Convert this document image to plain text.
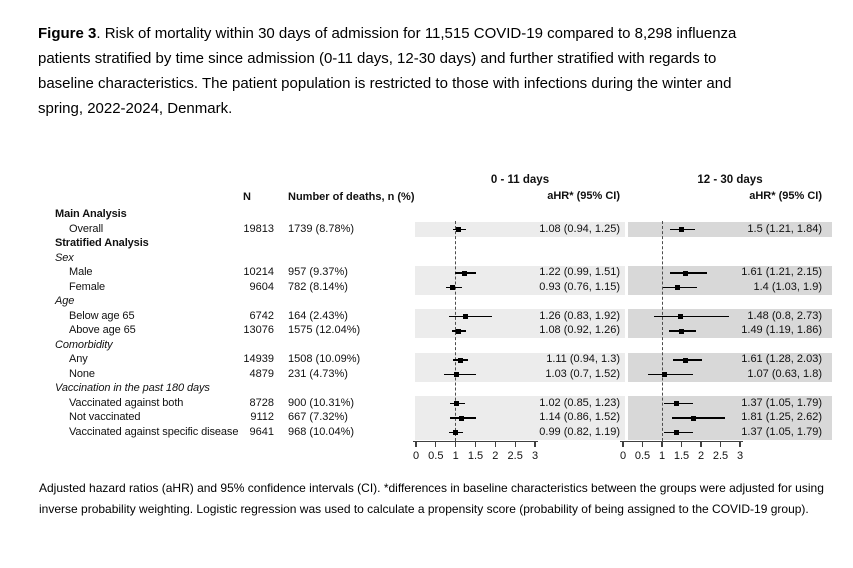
Figure 3. Risk of mortality within 30 days of admission for 11,515 COVID-19 compared to 8,298 influenza
patients stratified by time since admission (0-11 days, 12-30 days) and further stratified with regards to
baseline characteristics. The patient population is restricted to those with infections during the winter and
spring, 2022-2024, Denmark.
0 - 11 days	12 - 30 days
aHR* (95% CI)	aHR* (95% CI)
N	Number of deaths, n (%)
Main Analysis
Overall	19813 1739 (8.78%)	1.08 (0.94, 1.25)	1.5 (1.21, 1.84)
Stratified Analysis
Sex
Male	10214 957 (9.37%)	1.22 (0.99, 1.51)	1.61 (1.21, 2.15)
Female	9604 782 (8.14%)	0.93 (0.76, 1.15)	1.4 (1.03, 1.9)
Age
Below age 65	6742 164 (2.43%)	1.26 (0.83, 1.92)	1.48 (0.8, 2.73)
Above age 65	13076 1575 (12.04%)	1.08 (0.92, 1.26)	1.49 (1.19, 1.86)
Comorbidity
Any	14939 1508 (10.09%)	1.11 (0.94, 1.3)	1.61 (1.28, 2.03)
None	4879 231 (4.73%)	1.03 (0.7, 1.52)	1.07 (0.63, 1.8)
Vaccination in the past 180 days
Vaccinated against both	8728 900 (10.31%)	1.02 (0.85, 1.23)	1.37 (1.05, 1.79)
Not vaccinated	9112 667 (7.32%)	1.14 (0.86, 1.52)	1.81 (1.25, 2.62)
Vaccinated against specific disease	9641 968 (10.04%)	0.99 (0.82, 1.19)	1.37 (1.05, 1.79)
0 0.5 1 1.5 2 2.5 3	0 0.5 1 1.5 2 2.5 3
Adjusted hazard ratios (aHR) and 95% confidence intervals (CI). *differences in baseline characteristics between the groups were adjusted for using
inverse probability weighting. Logistic regression was used to calculate a propensity score (probability of being assigned to the COVID-19 group).
